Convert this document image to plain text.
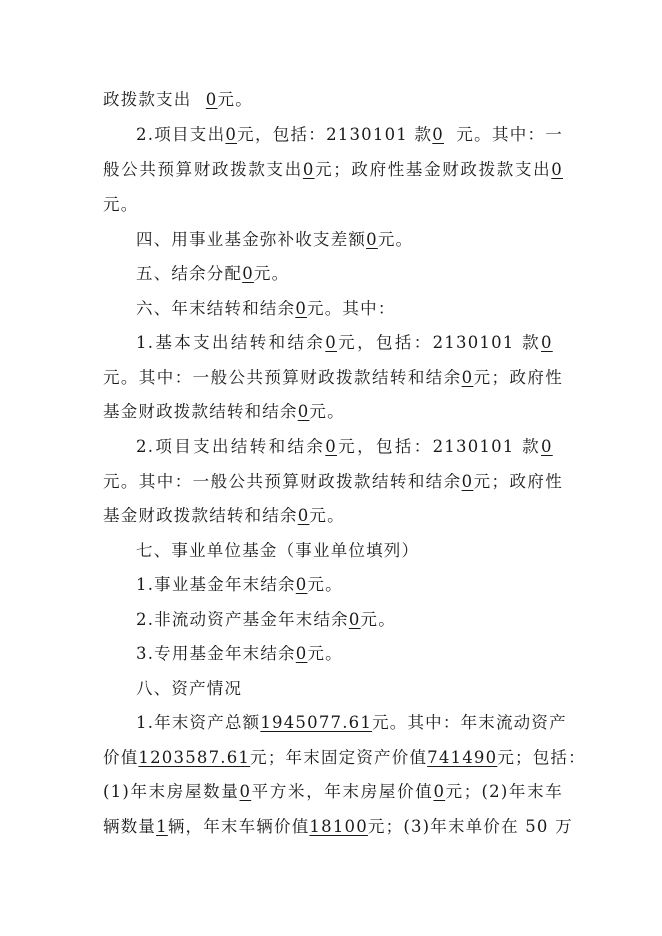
政拨款支出 0元。
2.项目支出0元，包括：2130101 款0 元。其中：一
般公共预算财政拨款支出0元；政府性基金财政拨款支出0
元。
四、用事业基金弥补收支差额0元。
五、结余分配0元。
六、年末结转和结余0元。其中：
1.基本支出结转和结余0元，包括：2130101 款0
元。其中：一般公共预算财政拨款结转和结余0元；政府性
基金财政拨款结转和结余0元。
2.项目支出结转和结余0元，包括：2130101 款0
元。其中：一般公共预算财政拨款结转和结余0元；政府性
基金财政拨款结转和结余0元。
七、事业单位基金（事业单位填列）
1.事业基金年末结余0元。
2.非流动资产基金年末结余0元。
3.专用基金年末结余0元。
八、资产情况
1.年末资产总额1945077.61元。其中：年末流动资产
价值1203587.61元；年末固定资产价值741490元；包括：
(1)年末房屋数量0平方米，年末房屋价值0元；(2)年末车
辆数量1辆，年末车辆价值18100元；(3)年末单价在 50 万
